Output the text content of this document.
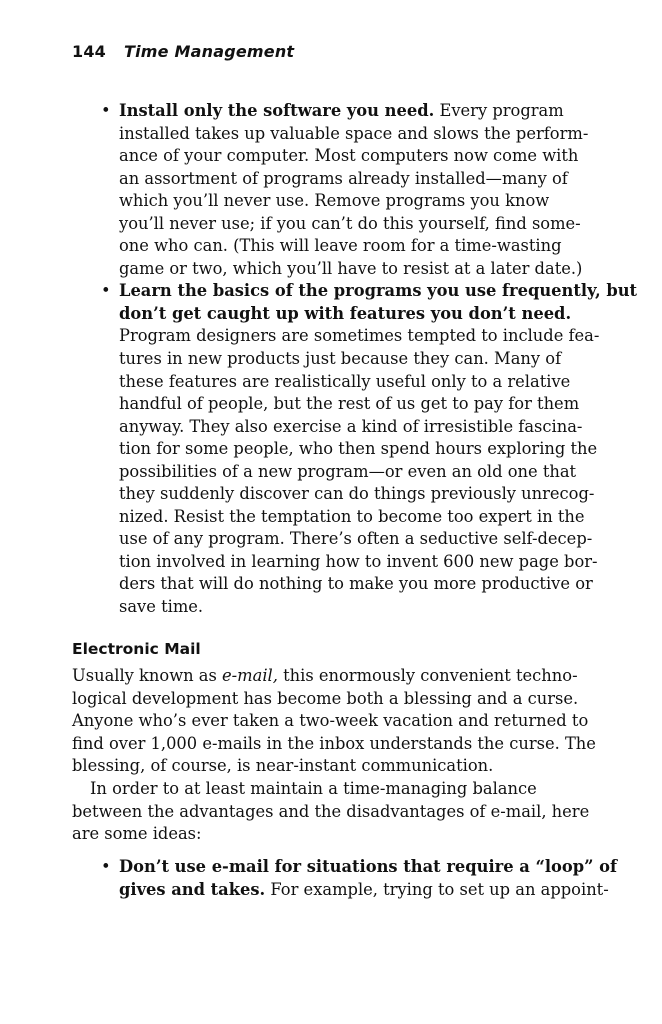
144 Time Management
• Install only the software you need. Every program
installed takes up valuable space and slows the perform-
ance of your computer. Most computers now come with
an assortment of programs already installed—many of
which you’ll never use. Remove programs you know
you’ll never use; if you can’t do this yourself, find some-
one who can. (This will leave room for a time-wasting
game or two, which you’ll have to resist at a later date.)
• Learn the basics of the programs you use frequently, but
don’t get caught up with features you don’t need.
Program designers are sometimes tempted to include fea-
tures in new products just because they can. Many of
these features are realistically useful only to a relative
handful of people, but the rest of us get to pay for them
anyway. They also exercise a kind of irresistible fascina-
tion for some people, who then spend hours exploring the
possibilities of a new program—or even an old one that
they suddenly discover can do things previously unrecog-
nized. Resist the temptation to become too expert in the
use of any program. There’s often a seductive self-decep-
tion involved in learning how to invent 600 new page bor-
ders that will do nothing to make you more productive or
save time.
Electronic Mail

Usually known as e-mail, this enormously convenient techno-
logical development has become both a blessing and a curse.
Anyone who’s ever taken a two-week vacation and returned to
find over 1,000 e-mails in the inbox understands the curse. The
blessing, of course, is near-instant communication.

In order to at least maintain a time-managing balance
between the advantages and the disadvantages of e-mail, here
are some ideas:

• Don’t use e-mail for situations that require a “loop” of
gives and takes. For example, trying to set up an appoint-
